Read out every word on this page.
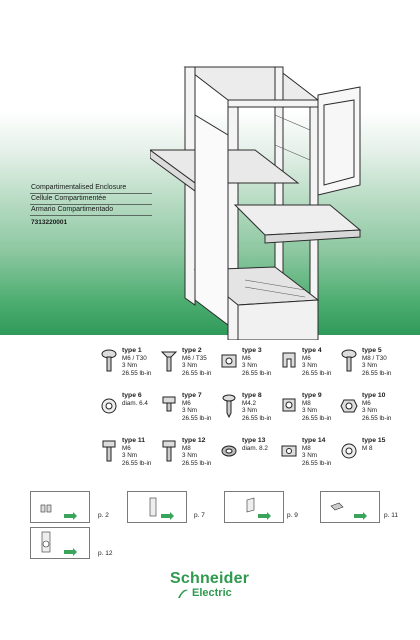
Compartimentalised Enclosure
Cellule Compartimentée
Armario Compartimentado
7313220001
type 1
M6 / T30
3 Nm
26.55 lb-in
type 2
M6 / T35
3 Nm
26.55 lb-in
type 3
M6
3 Nm
26.55 lb-in
type 4
M6
3 Nm
26.55 lb-in
type 5
M8 / T30
3 Nm
26.55 lb-in
type 6
diam. 6.4
type 7
M6
3 Nm
26.55 lb-in
type 8
M4.2
3 Nm
26.55 lb-in
type 9
M8
3 Nm
26.55 lb-in
type 10
M6
3 Nm
26.55 lb-in
type 11
M6
3 Nm
26.55 lb-in
type 12
M8
3 Nm
26.55 lb-in
type 13
diam. 8.2
type 14
M8
3 Nm
26.55 lb-in
type 15
M 8
p. 2	p. 7	p. 9	p. 11
p. 12
Schneider
Electric
